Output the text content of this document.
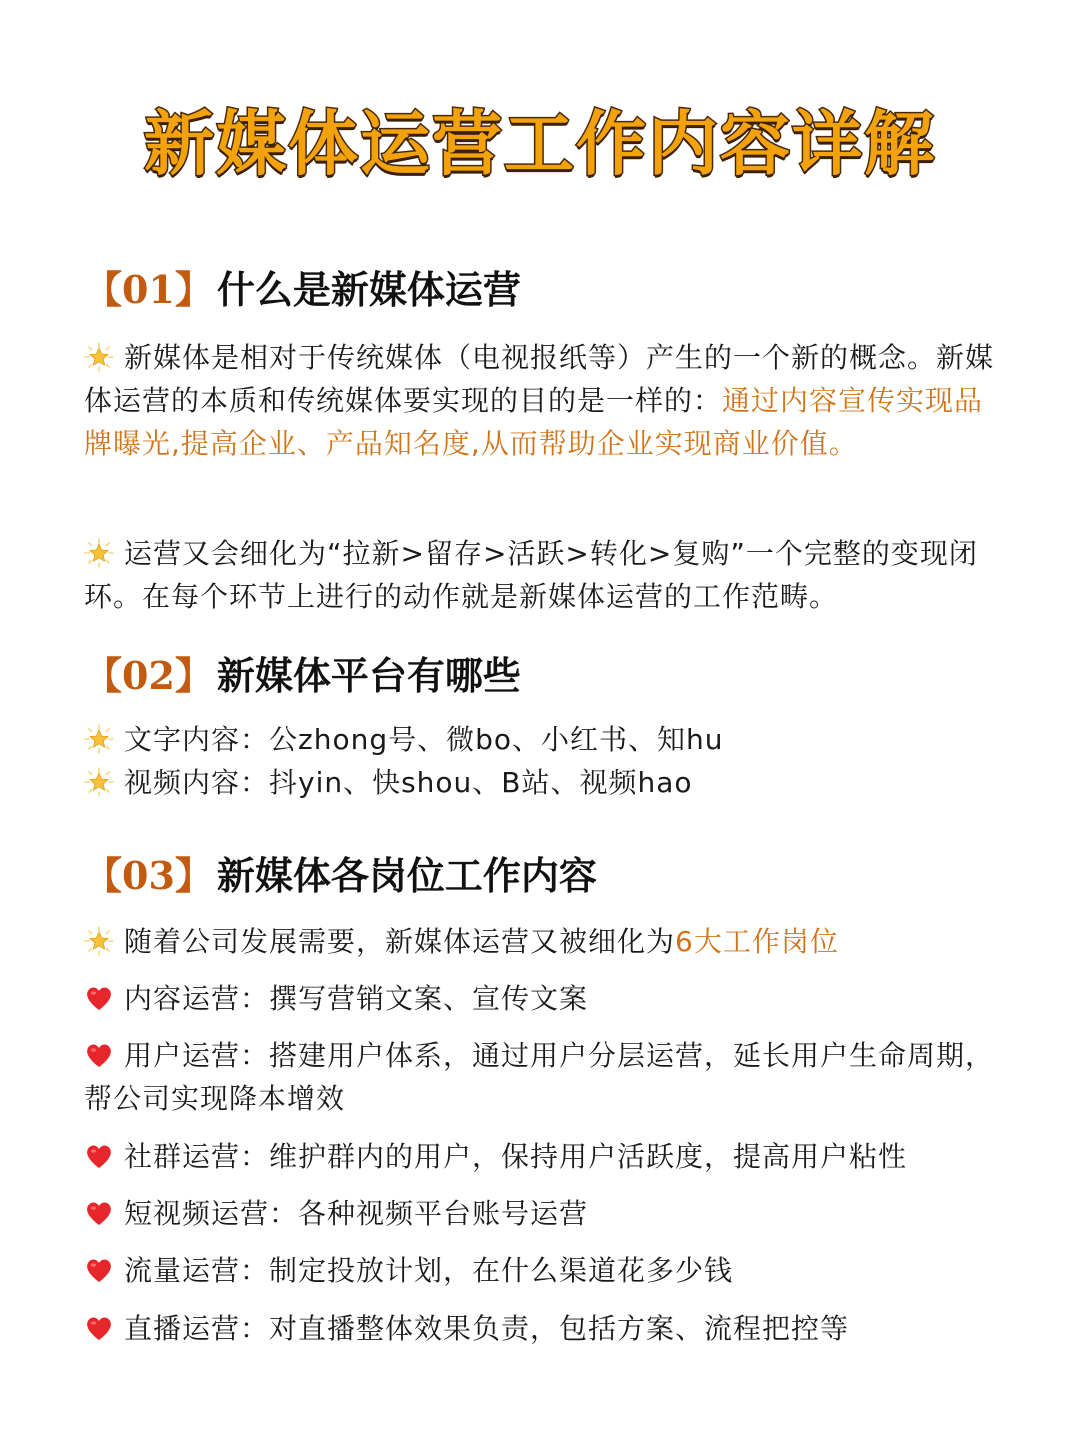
新媒体运营工作内容详解
【01】 什么是新媒体运营

新媒体是相对于传统媒体（电视报纸等）产生的一个新的概念。新媒体运营的本质和传统媒体要实现的目的是一样的：通过内容宣传实现品牌曝光,提高企业、产品知名度,从而帮助企业实现商业价值。

运营又会细化为“拉新>留存>活跃>转化>复购”一个完整的变现闭环。在每个环节上进行的动作就是新媒体运营的工作范畴。

【02】 新媒体平台有哪些

文字内容：公zhong号、微bo、小红书、知hu

视频内容：抖yin、快shou、B站、视频hao

【03】 新媒体各岗位工作内容

随着公司发展需要，新媒体运营又被细化为6大工作岗位

内容运营：撰写营销文案、宣传文案

用户运营：搭建用户体系，通过用户分层运营，延长用户生命周期，帮公司实现降本增效

社群运营：维护群内的用户，保持用户活跃度，提高用户粘性

短视频运营：各种视频平台账号运营

流量运营：制定投放计划，在什么渠道花多少钱

直播运营：对直播整体效果负责，包括方案、流程把控等
